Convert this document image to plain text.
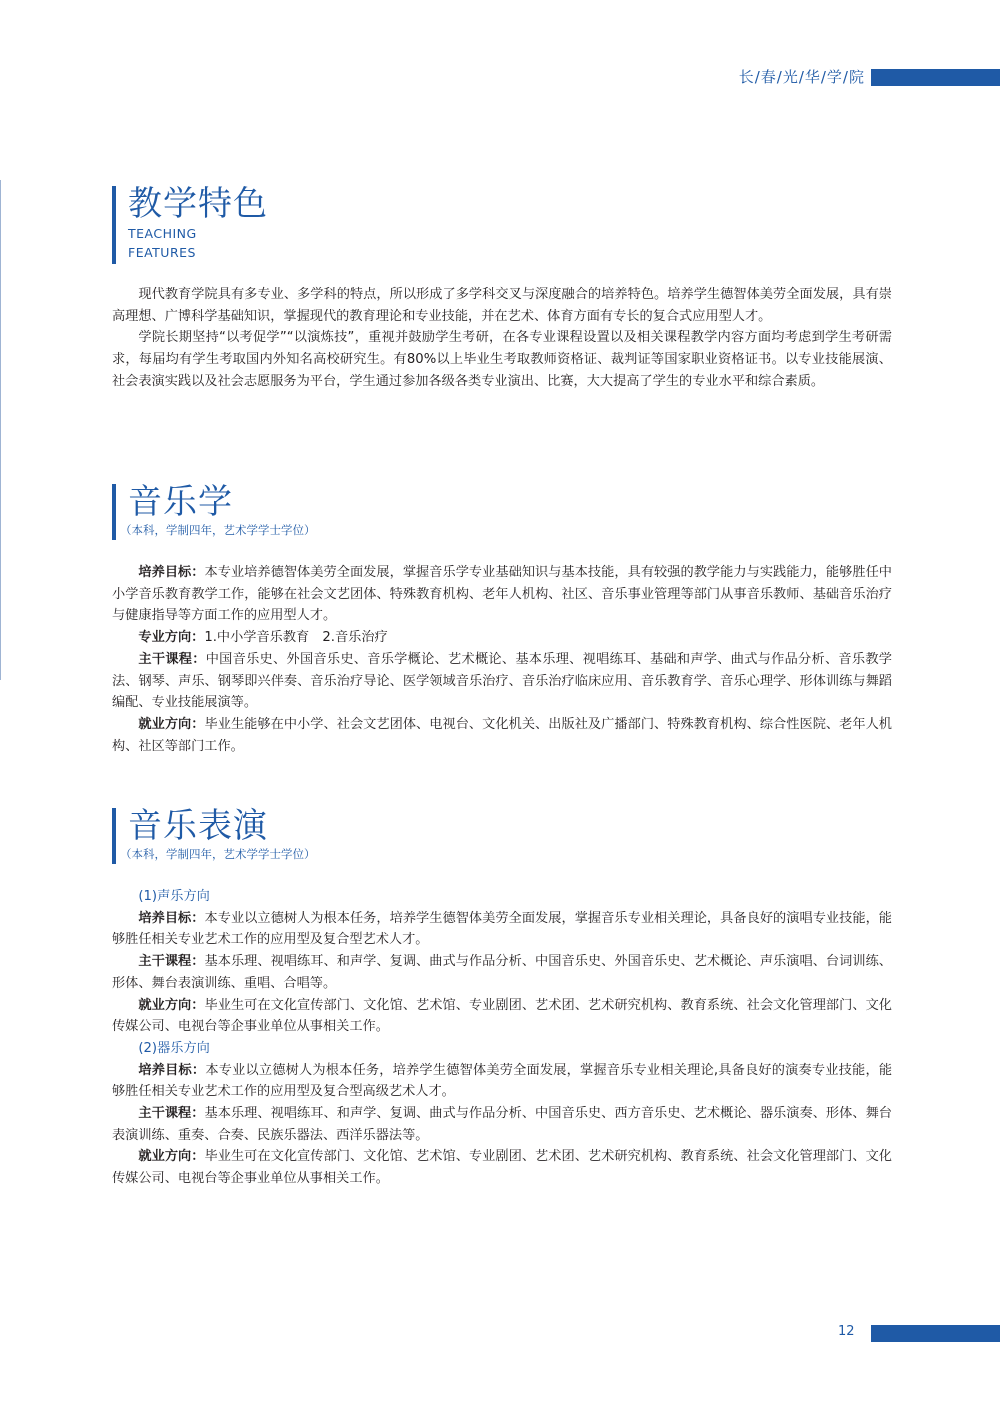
长/春/光/华/学/院
教学特色
TEACHING
FEATURES

现代教育学院具有多专业、多学科的特点，所以形成了多学科交叉与深度融合的培养特色。培养学生德智体美劳全面发展，具有崇高理想、广博科学基础知识，掌握现代的教育理论和专业技能，并在艺术、体育方面有专长的复合式应用型人才。

学院长期坚持“以考促学”“以演炼技”，重视并鼓励学生考研，在各专业课程设置以及相关课程教学内容方面均考虑到学生考研需求，每届均有学生考取国内外知名高校研究生。有80%以上毕业生考取教师资格证、裁判证等国家职业资格证书。以专业技能展演、社会表演实践以及社会志愿服务为平台，学生通过参加各级各类专业演出、比赛，大大提高了学生的专业水平和综合素质。

音乐学
（本科，学制四年，艺术学学士学位）

培养目标：本专业培养德智体美劳全面发展，掌握音乐学专业基础知识与基本技能，具有较强的教学能力与实践能力，能够胜任中小学音乐教育教学工作，能够在社会文艺团体、特殊教育机构、老年人机构、社区、音乐事业管理等部门从事音乐教师、基础音乐治疗与健康指导等方面工作的应用型人才。

专业方向：1.中小学音乐教育　2.音乐治疗

主干课程：中国音乐史、外国音乐史、音乐学概论、艺术概论、基本乐理、视唱练耳、基础和声学、曲式与作品分析、音乐教学法、钢琴、声乐、钢琴即兴伴奏、音乐治疗导论、医学领域音乐治疗、音乐治疗临床应用、音乐教育学、音乐心理学、形体训练与舞蹈编配、专业技能展演等。

就业方向：毕业生能够在中小学、社会文艺团体、电视台、文化机关、出版社及广播部门、特殊教育机构、综合性医院、老年人机构、社区等部门工作。

音乐表演
（本科，学制四年，艺术学学士学位）

(1)声乐方向

培养目标：本专业以立德树人为根本任务，培养学生德智体美劳全面发展，掌握音乐专业相关理论，具备良好的演唱专业技能，能够胜任相关专业艺术工作的应用型及复合型艺术人才。

主干课程：基本乐理、视唱练耳、和声学、复调、曲式与作品分析、中国音乐史、外国音乐史、艺术概论、声乐演唱、台词训练、形体、舞台表演训练、重唱、合唱等。

就业方向：毕业生可在文化宣传部门、文化馆、艺术馆、专业剧团、艺术团、艺术研究机构、教育系统、社会文化管理部门、文化传媒公司、电视台等企事业单位从事相关工作。

(2)器乐方向

培养目标：本专业以立德树人为根本任务，培养学生德智体美劳全面发展，掌握音乐专业相关理论,具备良好的演奏专业技能，能够胜任相关专业艺术工作的应用型及复合型高级艺术人才。

主干课程：基本乐理、视唱练耳、和声学、复调、曲式与作品分析、中国音乐史、西方音乐史、艺术概论、器乐演奏、形体、舞台表演训练、重奏、合奏、民族乐器法、西洋乐器法等。

就业方向：毕业生可在文化宣传部门、文化馆、艺术馆、专业剧团、艺术团、艺术研究机构、教育系统、社会文化管理部门、文化传媒公司、电视台等企事业单位从事相关工作。

12
